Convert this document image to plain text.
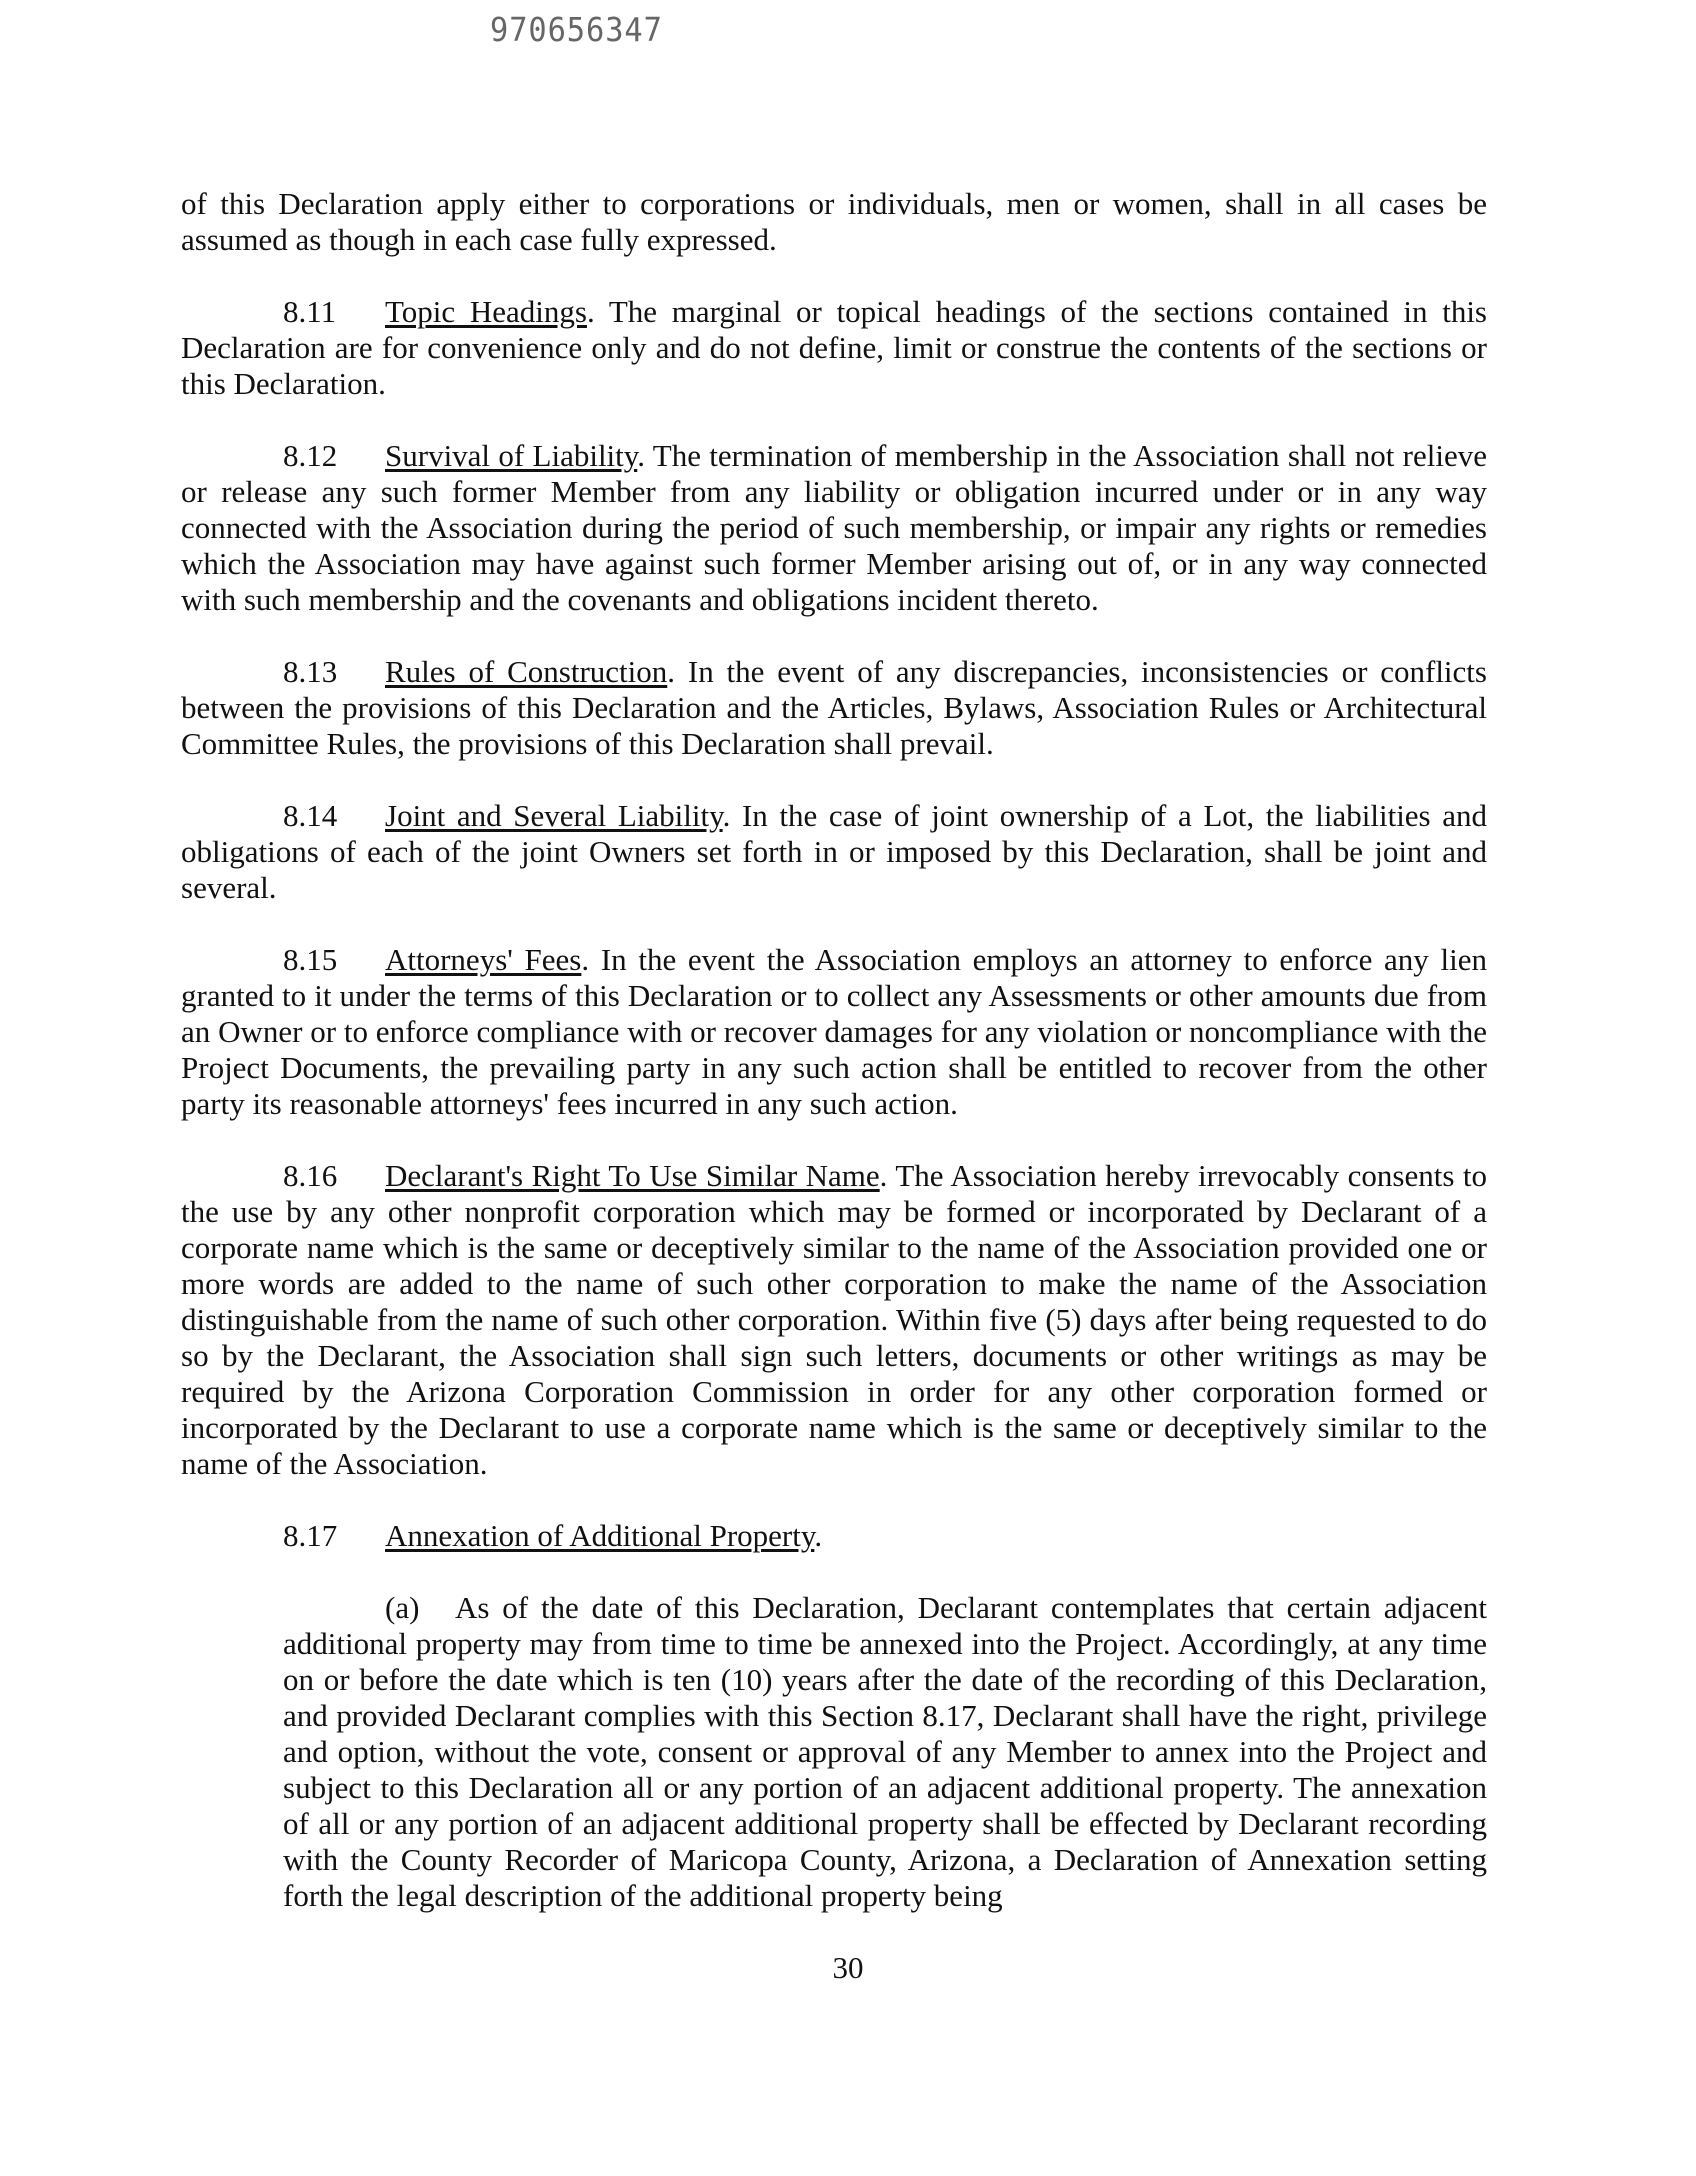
970656347

of this Declaration apply either to corporations or individuals, men or women, shall in all cases be assumed as though in each case fully expressed.

8.11 Topic Headings. The marginal or topical headings of the sections contained in this Declaration are for convenience only and do not define, limit or construe the contents of the sections or this Declaration.

8.12 Survival of Liability. The termination of membership in the Association shall not relieve or release any such former Member from any liability or obligation incurred under or in any way connected with the Association during the period of such membership, or impair any rights or remedies which the Association may have against such former Member arising out of, or in any way connected with such membership and the covenants and obligations incident thereto.

8.13 Rules of Construction. In the event of any discrepancies, inconsistencies or conflicts between the provisions of this Declaration and the Articles, Bylaws, Association Rules or Architectural Committee Rules, the provisions of this Declaration shall prevail.

8.14 Joint and Several Liability. In the case of joint ownership of a Lot, the liabilities and obligations of each of the joint Owners set forth in or imposed by this Declaration, shall be joint and several.

8.15 Attorneys' Fees. In the event the Association employs an attorney to enforce any lien granted to it under the terms of this Declaration or to collect any Assessments or other amounts due from an Owner or to enforce compliance with or recover damages for any violation or noncompliance with the Project Documents, the prevailing party in any such action shall be entitled to recover from the other party its reasonable attorneys' fees incurred in any such action.

8.16 Declarant's Right To Use Similar Name. The Association hereby irrevocably consents to the use by any other nonprofit corporation which may be formed or incorporated by Declarant of a corporate name which is the same or deceptively similar to the name of the Association provided one or more words are added to the name of such other corporation to make the name of the Association distinguishable from the name of such other corporation. Within five (5) days after being requested to do so by the Declarant, the Association shall sign such letters, documents or other writings as may be required by the Arizona Corporation Commission in order for any other corporation formed or incorporated by the Declarant to use a corporate name which is the same or deceptively similar to the name of the Association.

8.17 Annexation of Additional Property.

(a) As of the date of this Declaration, Declarant contemplates that certain adjacent additional property may from time to time be annexed into the Project. Accordingly, at any time on or before the date which is ten (10) years after the date of the recording of this Declaration, and provided Declarant complies with this Section 8.17, Declarant shall have the right, privilege and option, without the vote, consent or approval of any Member to annex into the Project and subject to this Declaration all or any portion of an adjacent additional property. The annexation of all or any portion of an adjacent additional property shall be effected by Declarant recording with the County Recorder of Maricopa County, Arizona, a Declaration of Annexation setting forth the legal description of the additional property being

30
